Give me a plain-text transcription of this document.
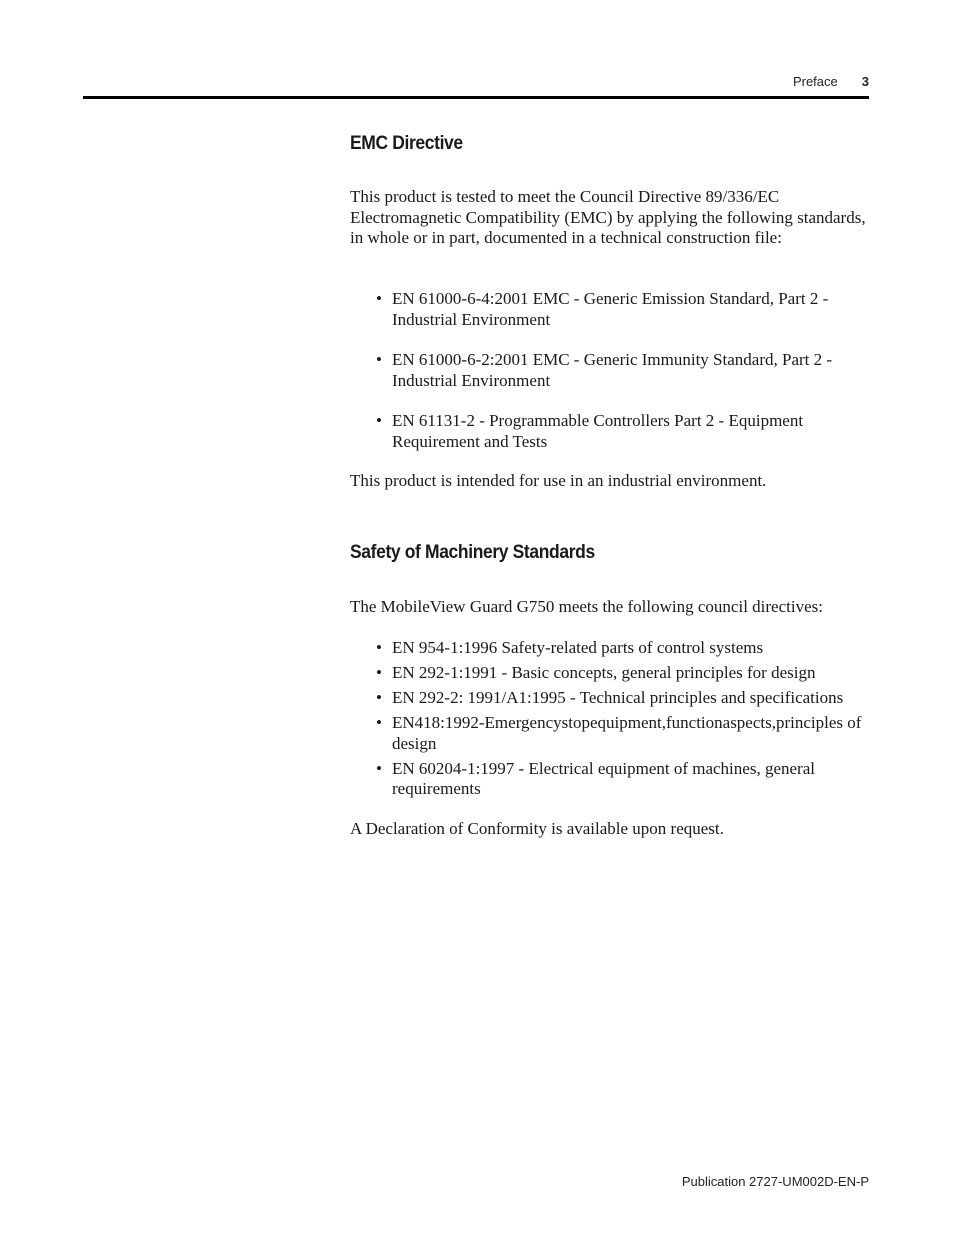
Preface 3
EMC Directive

This product is tested to meet the Council Directive 89/336/EC Electromagnetic Compatibility (EMC) by applying the following standards, in whole or in part, documented in a technical construction file:

• EN 61000-6-4:2001 EMC - Generic Emission Standard, Part 2 - Industrial Environment
• EN 61000-6-2:2001 EMC - Generic Immunity Standard, Part 2 - Industrial Environment
• EN 61131-2 - Programmable Controllers Part 2 - Equipment Requirement and Tests

This product is intended for use in an industrial environment.

Safety of Machinery Standards

The MobileView Guard G750 meets the following council directives:

• EN 954-1:1996 Safety-related parts of control systems
• EN 292-1:1991 - Basic concepts, general principles for design
• EN 292-2: 1991/A1:1995 - Technical principles and specifications
• EN418:1992-Emergencystopequipment,functionaspects,principles of design
• EN 60204-1:1997 - Electrical equipment of machines, general requirements

A Declaration of Conformity is available upon request.

Publication 2727-UM002D-EN-P
